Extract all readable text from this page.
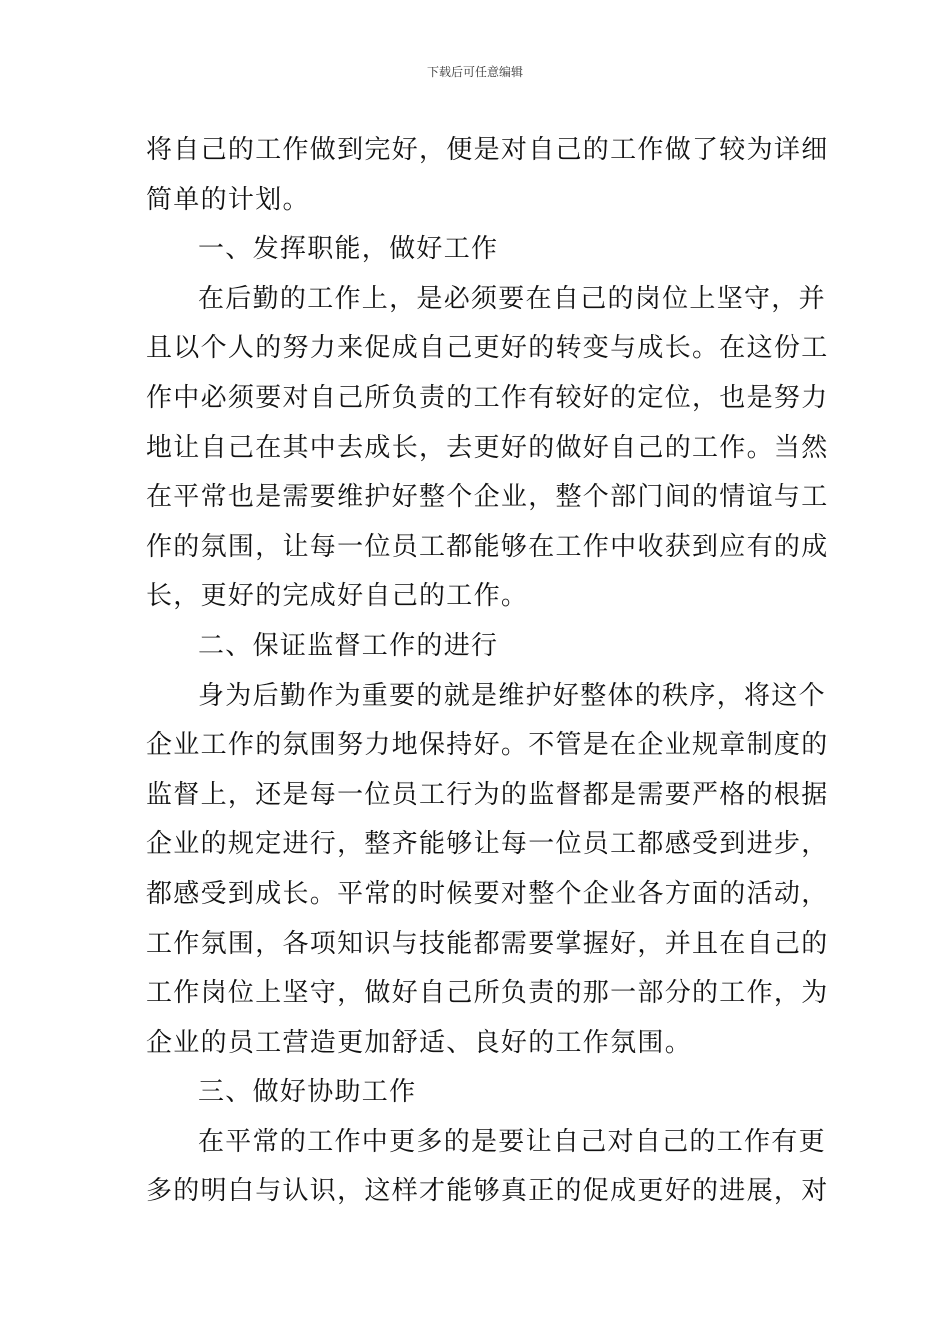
下载后可任意编辑
将自己的工作做到完好，便是对自己的工作做了较为详细
简单的计划。
一、发挥职能，做好工作
在后勤的工作上，是必须要在自己的岗位上坚守，并
且以个人的努力来促成自己更好的转变与成长。在这份工
作中必须要对自己所负责的工作有较好的定位，也是努力
地让自己在其中去成长，去更好的做好自己的工作。当然
在平常也是需要维护好整个企业，整个部门间的情谊与工
作的氛围，让每一位员工都能够在工作中收获到应有的成
长，更好的完成好自己的工作。
二、保证监督工作的进行
身为后勤作为重要的就是维护好整体的秩序，将这个
企业工作的氛围努力地保持好。不管是在企业规章制度的
监督上，还是每一位员工行为的监督都是需要严格的根据
企业的规定进行，整齐能够让每一位员工都感受到进步，
都感受到成长。平常的时候要对整个企业各方面的活动，
工作氛围，各项知识与技能都需要掌握好，并且在自己的
工作岗位上坚守，做好自己所负责的那一部分的工作，为
企业的员工营造更加舒适、良好的工作氛围。
三、做好协助工作
在平常的工作中更多的是要让自己对自己的工作有更
多的明白与认识，这样才能够真正的促成更好的进展，对
